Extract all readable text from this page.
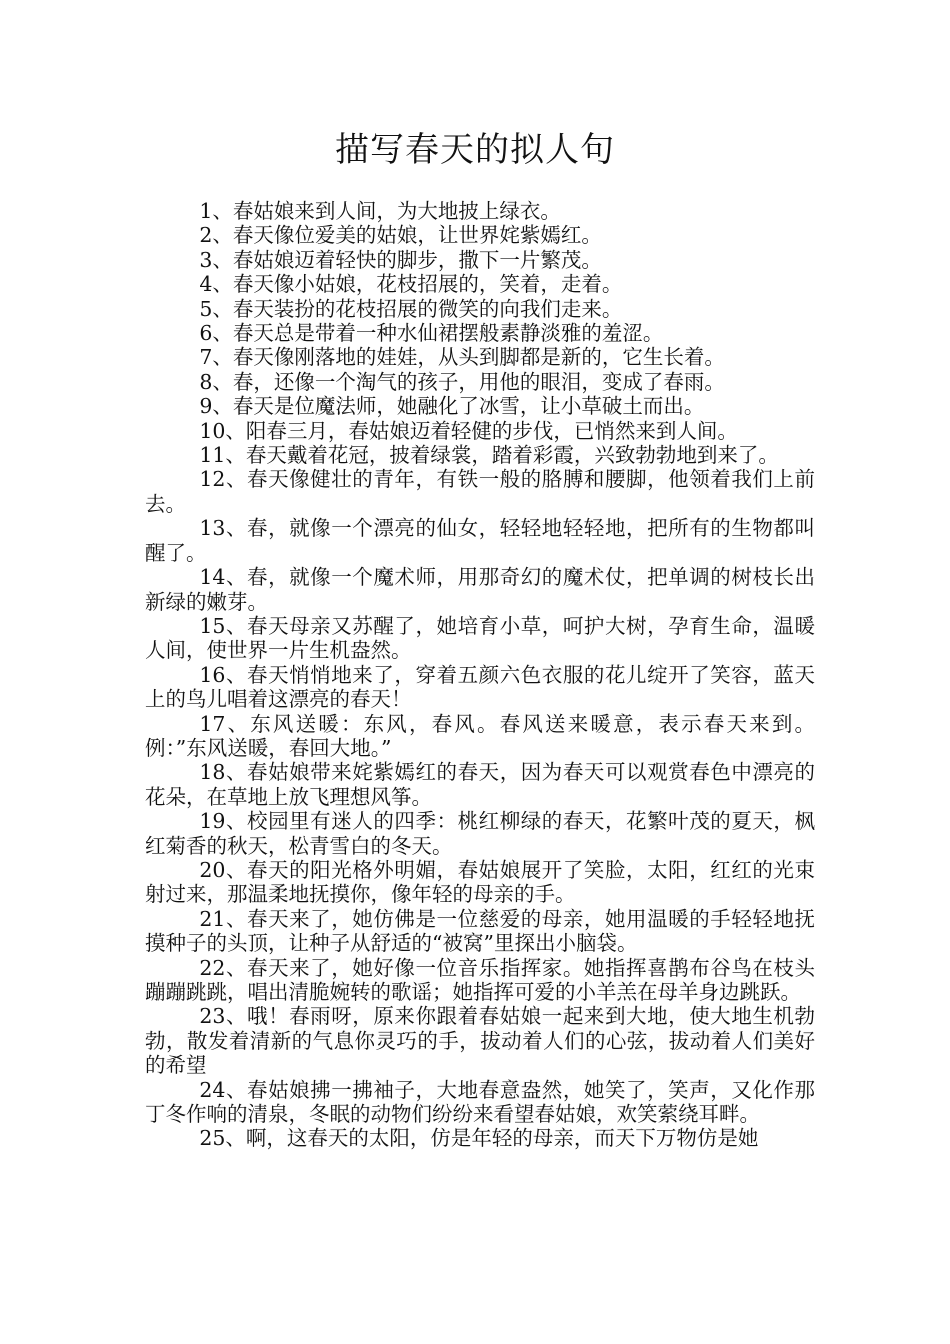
描写春天的拟人句

1、春姑娘来到人间，为大地披上绿衣。

2、春天像位爱美的姑娘，让世界姹紫嫣红。

3、春姑娘迈着轻快的脚步，撒下一片繁茂。

4、春天像小姑娘，花枝招展的，笑着，走着。

5、春天装扮的花枝招展的微笑的向我们走来。

6、春天总是带着一种水仙裙摆般素静淡雅的羞涩。

7、春天像刚落地的娃娃，从头到脚都是新的，它生长着。

8、春，还像一个淘气的孩子，用他的眼泪，变成了春雨。

9、春天是位魔法师，她融化了冰雪，让小草破土而出。

10、阳春三月，春姑娘迈着轻健的步伐，已悄然来到人间。

11、春天戴着花冠，披着绿裳，踏着彩霞，兴致勃勃地到来了。

12、春天像健壮的青年，有铁一般的胳膊和腰脚，他领着我们上前去。

13、春，就像一个漂亮的仙女，轻轻地轻轻地，把所有的生物都叫醒了。

14、春，就像一个魔术师，用那奇幻的魔术仗，把单调的树枝长出新绿的嫩芽。

15、春天母亲又苏醒了，她培育小草，呵护大树，孕育生命，温暖人间，使世界一片生机盎然。

16、春天悄悄地来了，穿着五颜六色衣服的花儿绽开了笑容，蓝天上的鸟儿唱着这漂亮的春天！

17、东风送暖：东风，春风。春风送来暖意，表示春天来到。例：”东风送暖，春回大地。”

18、春姑娘带来姹紫嫣红的春天，因为春天可以观赏春色中漂亮的花朵，在草地上放飞理想风筝。

19、校园里有迷人的四季：桃红柳绿的春天，花繁叶茂的夏天，枫红菊香的秋天，松青雪白的冬天。

20、春天的阳光格外明媚，春姑娘展开了笑脸，太阳，红红的光束射过来，那温柔地抚摸你，像年轻的母亲的手。

21、春天来了，她仿佛是一位慈爱的母亲，她用温暖的手轻轻地抚摸种子的头顶，让种子从舒适的“被窝”里探出小脑袋。

22、春天来了，她好像一位音乐指挥家。她指挥喜鹊布谷鸟在枝头蹦蹦跳跳，唱出清脆婉转的歌谣；她指挥可爱的小羊羔在母羊身边跳跃。

23、哦！春雨呀，原来你跟着春姑娘一起来到大地，使大地生机勃勃，散发着清新的气息你灵巧的手，拔动着人们的心弦，拔动着人们美好的希望

24、春姑娘拂一拂袖子，大地春意盎然，她笑了，笑声，又化作那丁冬作响的清泉，冬眠的动物们纷纷来看望春姑娘，欢笑萦绕耳畔。

25、啊，这春天的太阳，仿是年轻的母亲，而天下万物仿是她
